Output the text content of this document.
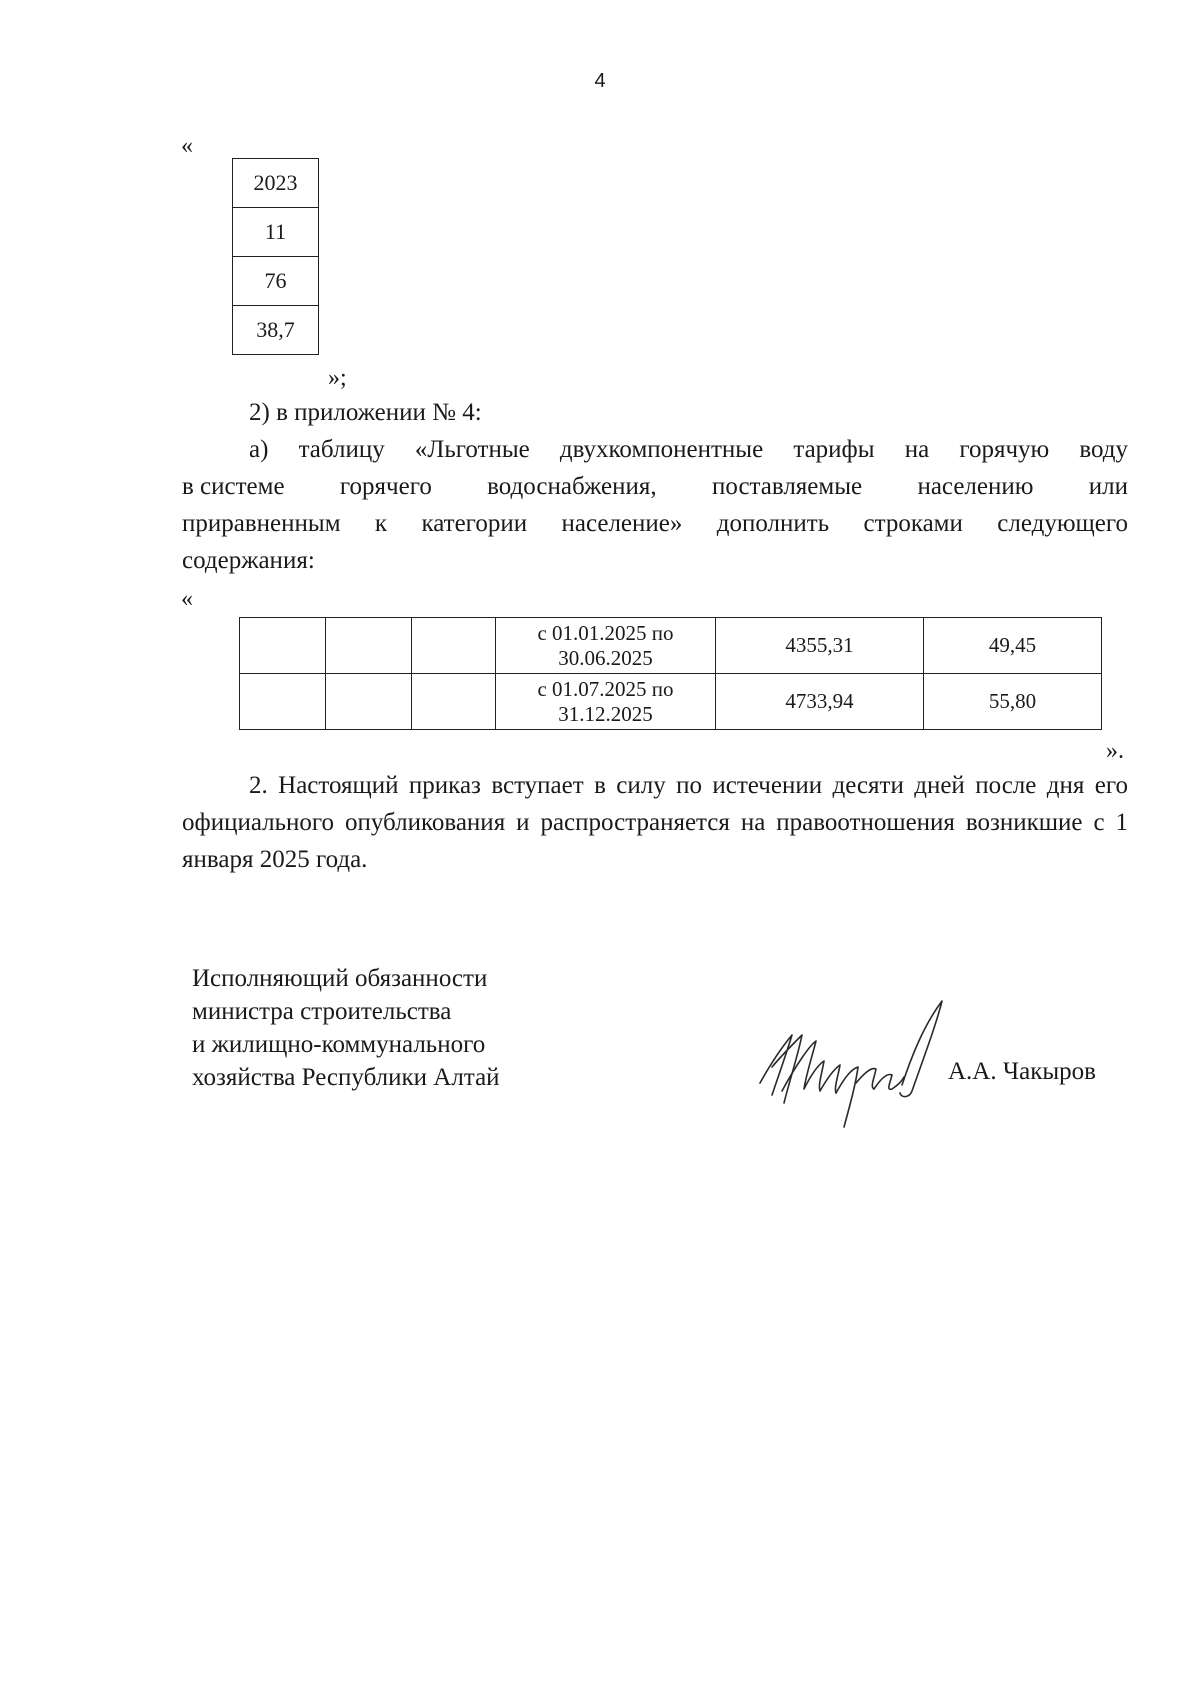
4
«
2023
11
76
38,7
»;
2) в приложении № 4:
а) таблицу «Льготные двухкомпонентные тарифы на горячую воду
в системе горячего водоснабжения, поставляемые населению или
приравненным к категории население» дополнить строками следующего
содержания:
«

			с 01.01.2025 по
30.06.2025	4355,31	49,45

			с 01.07.2025 по
31.12.2025	4733,94	55,80
».
2. Настоящий приказ вступает в силу по истечении десяти дней после дня его официального опубликования и распространяется на правоотношения возникшие с 1 января 2025 года.
Исполняющий обязанности
министра строительства
и жилищно-коммунального
хозяйства Республики Алтай	А.А. Чакыров
